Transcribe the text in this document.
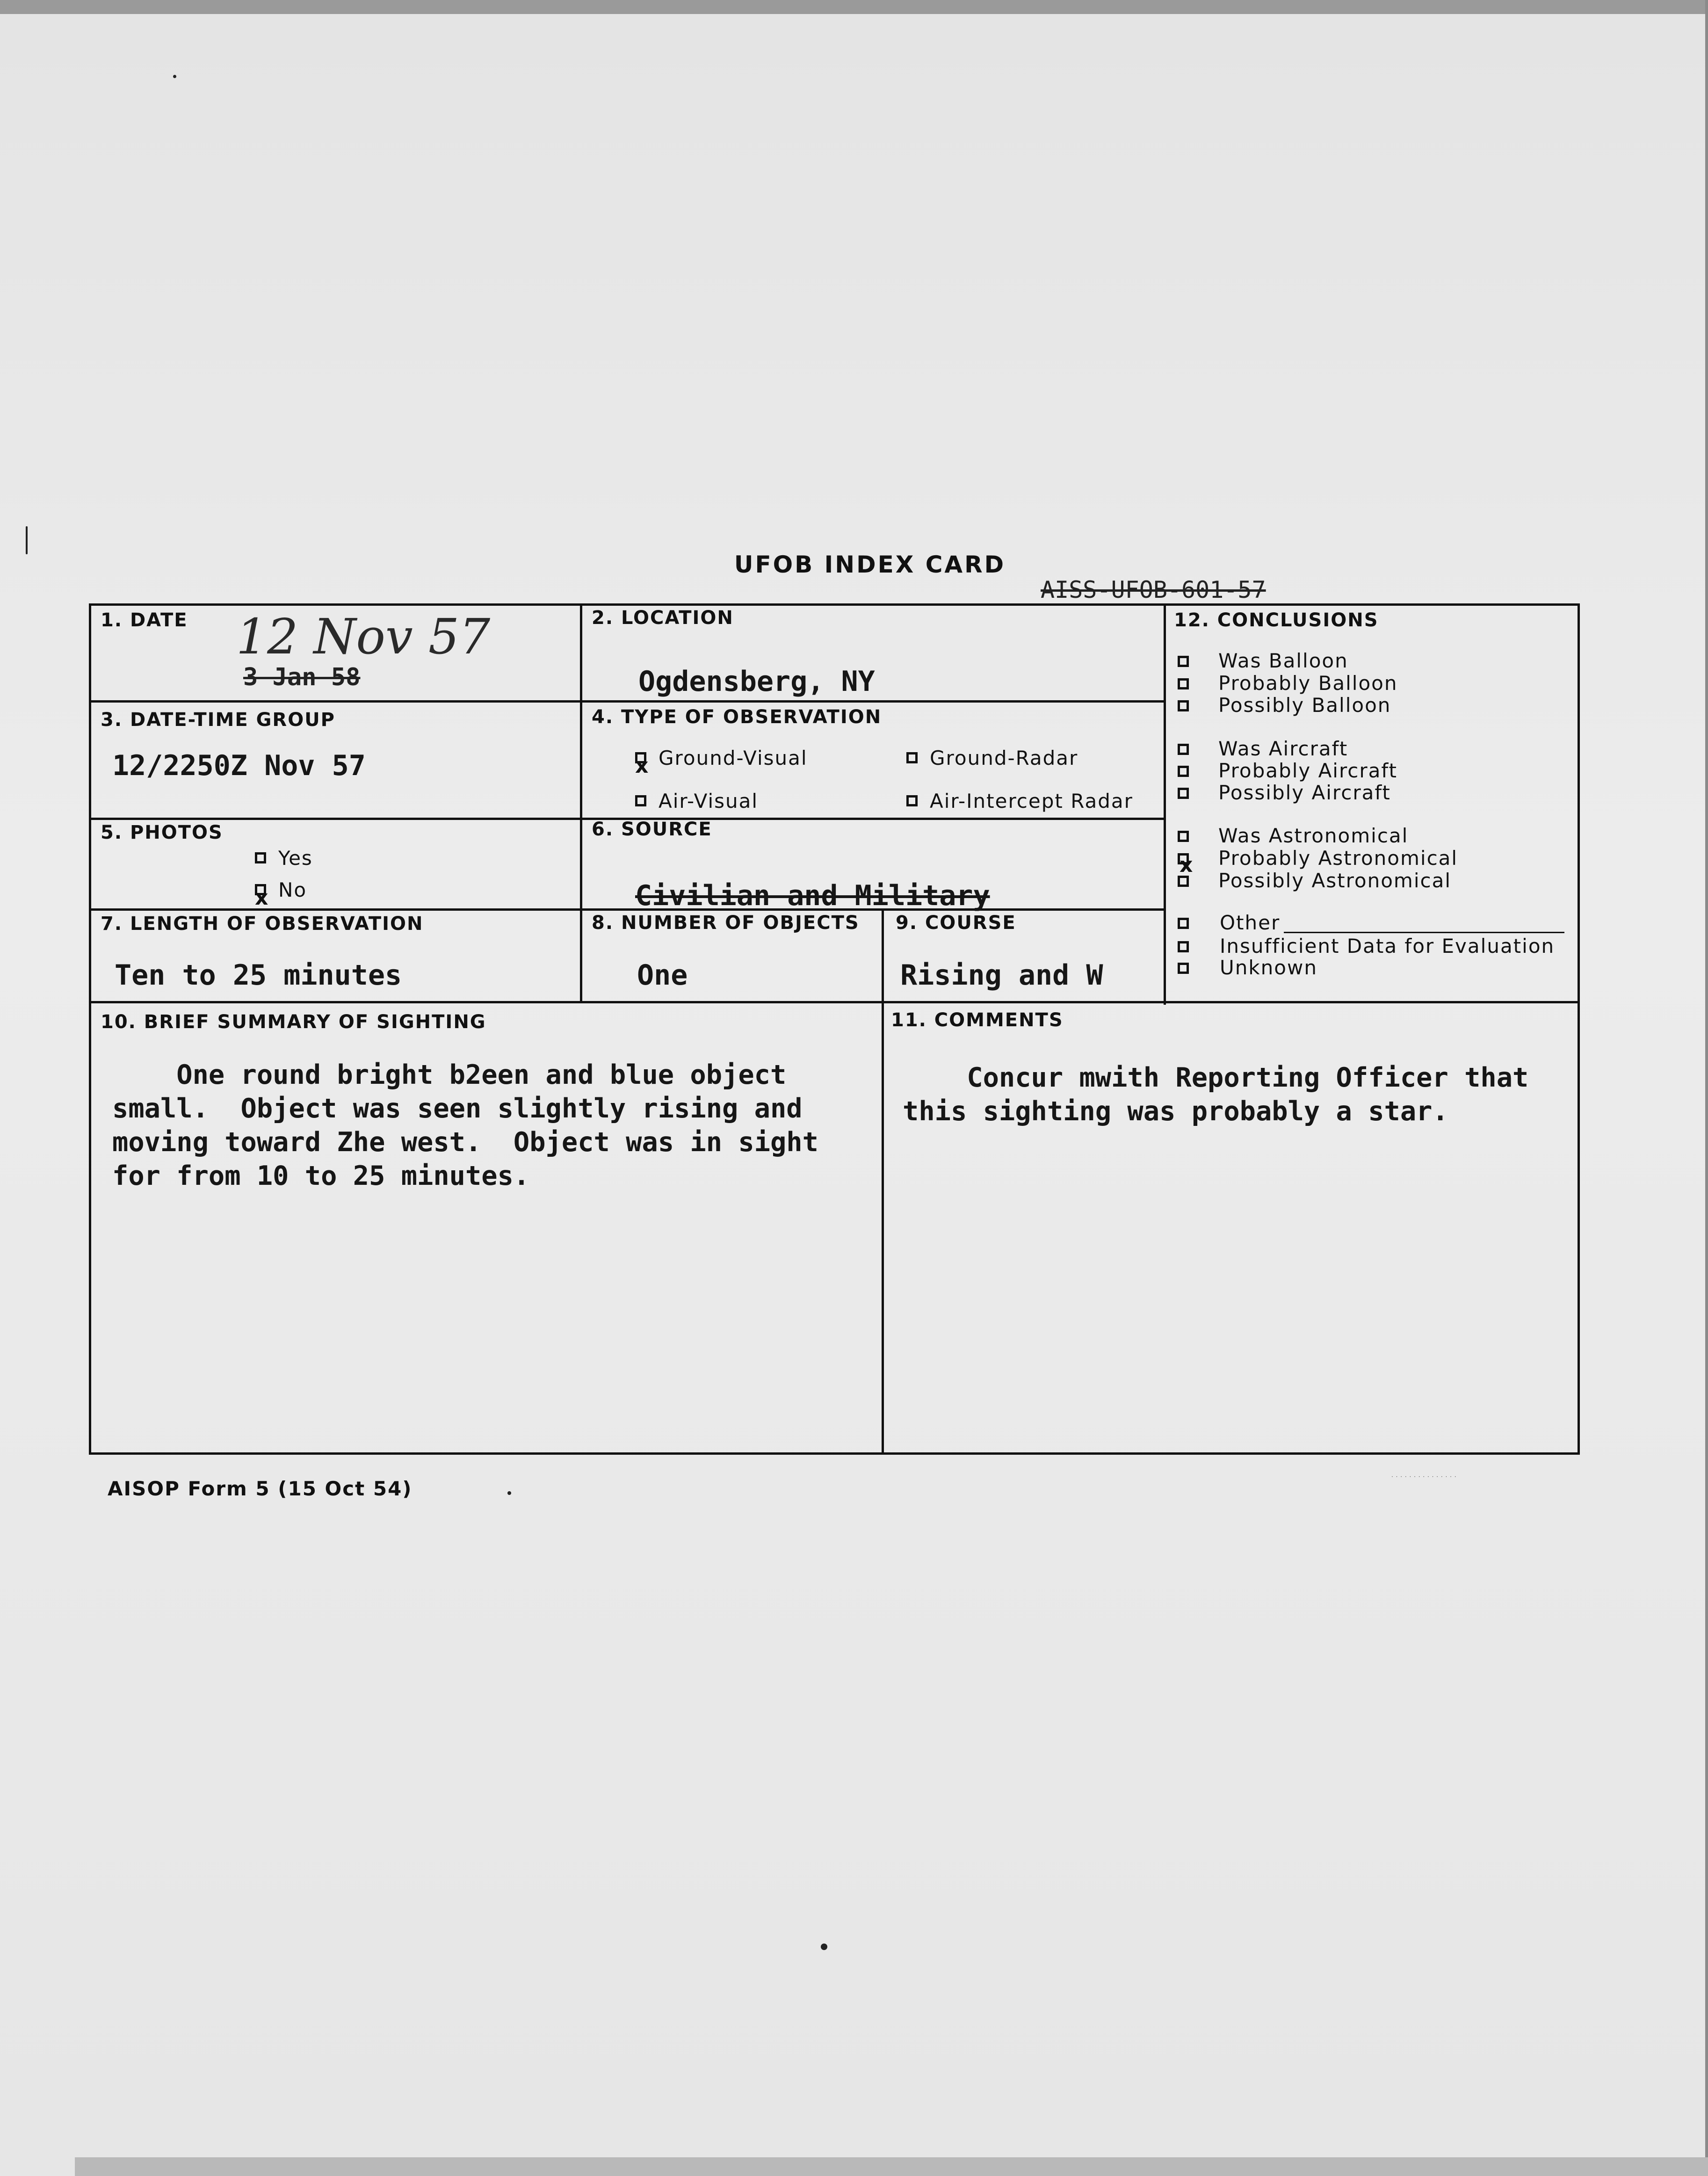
UFOB INDEX CARD
AISS-UFOB-601-57
1. DATE 12 Nov 57
3 Jan 58
2. LOCATION
Ogdensberg, NY
3. DATE-TIME GROUP
12/2250Z Nov 57
4. TYPE OF OBSERVATION
x Ground-Visual	Ground-Radar
Air-Visual	Air-Intercept Radar
5. PHOTOS
Yes
x No
6. SOURCE
Civilian and Military
7. LENGTH OF OBSERVATION
Ten to 25 minutes
8. NUMBER OF OBJECTS
One
9. COURSE
Rising and W
10. BRIEF SUMMARY OF SIGHTING
One round bright b2een and blue object
small.  Object was seen slightly rising and
moving toward Zhe west.  Object was in sight
for from 10 to 25 minutes.
11. COMMENTS
Concur mwith Reporting Officer that
this sighting was probably a star.
12. CONCLUSIONS
Was Balloon
Probably Balloon
Possibly Balloon
Was Aircraft
Probably Aircraft
Possibly Aircraft
Was Astronomical
x Probably Astronomical
Possibly Astronomical
Other
Insufficient Data for Evaluation
Unknown
AISOP Form 5 (15 Oct 54)
· · · · · · · · · · · · · · ·
